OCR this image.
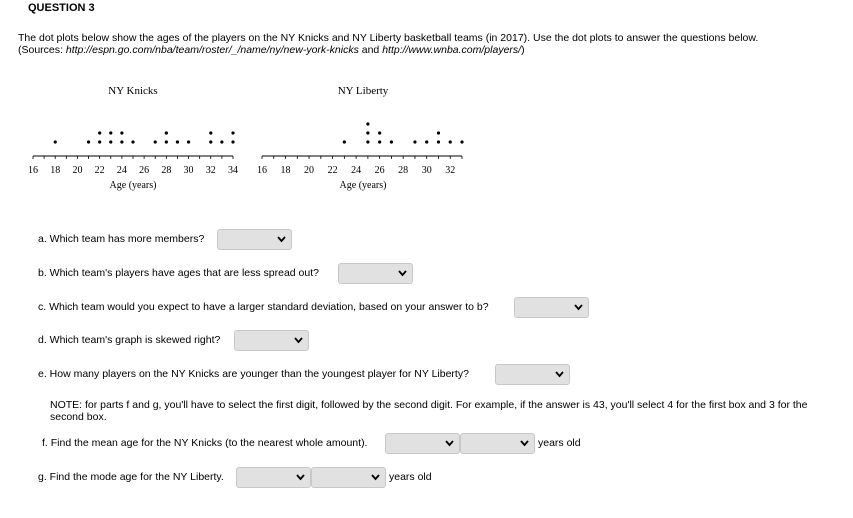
QUESTION 3
The dot plots below show the ages of the players on the NY Knicks and NY Liberty basketball teams (in 2017). Use the dot plots to answer the questions below.
(Sources: http://espn.go.com/nba/team/roster/_/name/ny/new-york-knicks and http://www.wnba.com/players/)
NY Knicks
16 18 20 22 24 26 28 30 32 34
Age (years)
NY Liberty
16 18 20 22 24 26 28 30 32
Age (years)
a. Which team has more members?
b. Which team's players have ages that are less spread out?
c. Which team would you expect to have a larger standard deviation, based on your answer to b?
d. Which team's graph is skewed right?
e. How many players on the NY Knicks are younger than the youngest player for NY Liberty?
NOTE: for parts f and g, you'll have to select the first digit, followed by the second digit. For example, if the answer is 43, you'll select 4 for the first box and 3 for the second box.
f. Find the mean age for the NY Knicks (to the nearest whole amount).	years old
g. Find the mode age for the NY Liberty.	years old
